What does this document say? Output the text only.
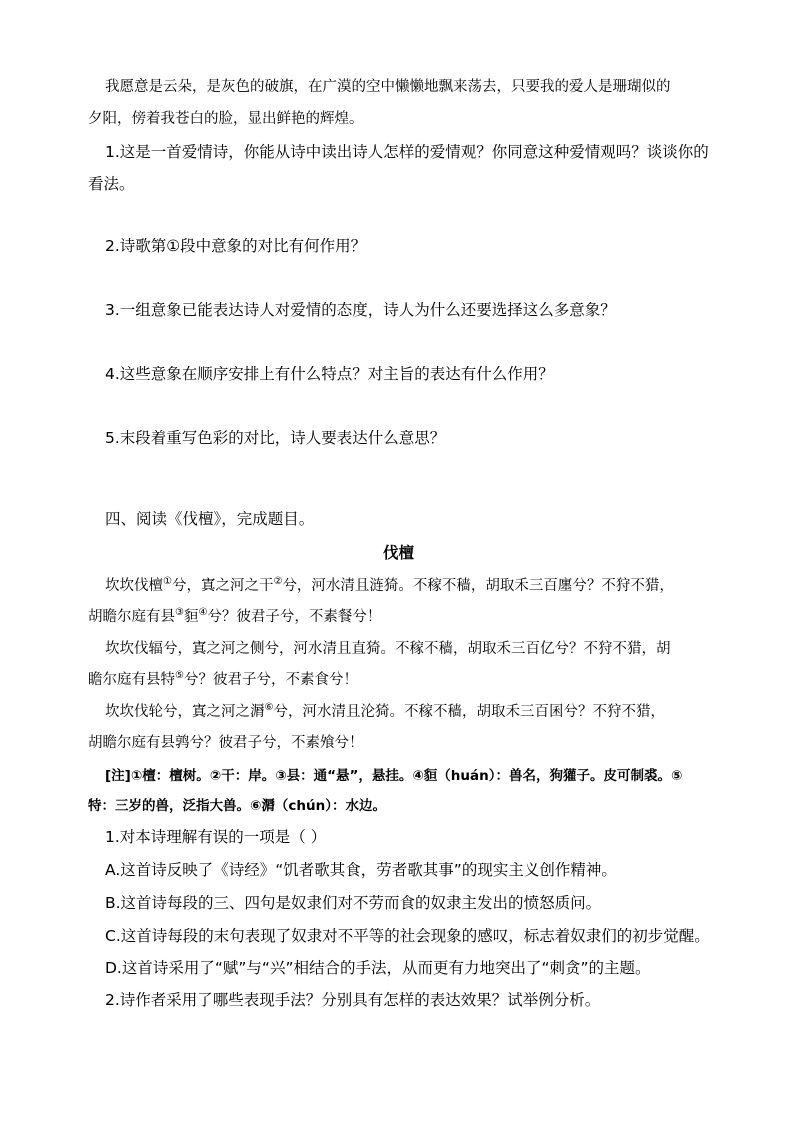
我愿意是云朵，是灰色的破旗，在广漠的空中懒懒地飘来荡去，只要我的爱人是珊瑚似的
夕阳，傍着我苍白的脸，显出鲜艳的辉煌。
1.这是一首爱情诗，你能从诗中读出诗人怎样的爱情观？你同意这种爱情观吗？谈谈你的
看法。
2.诗歌第①段中意象的对比有何作用？
3.一组意象已能表达诗人对爱情的态度，诗人为什么还要选择这么多意象？
4.这些意象在顺序安排上有什么特点？对主旨的表达有什么作用？
5.末段着重写色彩的对比，诗人要表达什么意思？
四、阅读《伐檀》，完成题目。
伐檀
坎坎伐檀①兮，寘之河之干②兮，河水清且涟猗。不稼不穑，胡取禾三百廛兮？不狩不猎，
胡瞻尔庭有县③貆④兮？彼君子兮，不素餐兮！
坎坎伐辐兮，寘之河之侧兮，河水清且直猗。不稼不穑，胡取禾三百亿兮？不狩不猎，胡
瞻尔庭有县特⑤兮？彼君子兮，不素食兮！
坎坎伐轮兮，寘之河之漘⑥兮，河水清且沦猗。不稼不穑，胡取禾三百囷兮？不狩不猎，
胡瞻尔庭有县鹑兮？彼君子兮，不素飧兮！
[注]①檀：檀树。②干：岸。③县：通“悬”，悬挂。④貆（huán）：兽名，狗獾子。皮可制裘。⑤
特：三岁的兽，泛指大兽。⑥漘（chún）：水边。
1.对本诗理解有误的一项是（ ）
A.这首诗反映了《诗经》“饥者歌其食，劳者歌其事”的现实主义创作精神。
B.这首诗每段的三、四句是奴隶们对不劳而食的奴隶主发出的愤怒质问。
C.这首诗每段的末句表现了奴隶对不平等的社会现象的感叹，标志着奴隶们的初步觉醒。
D.这首诗采用了“赋”与“兴”相结合的手法，从而更有力地突出了“刺贪”的主题。
2.诗作者采用了哪些表现手法？分别具有怎样的表达效果？试举例分析。
